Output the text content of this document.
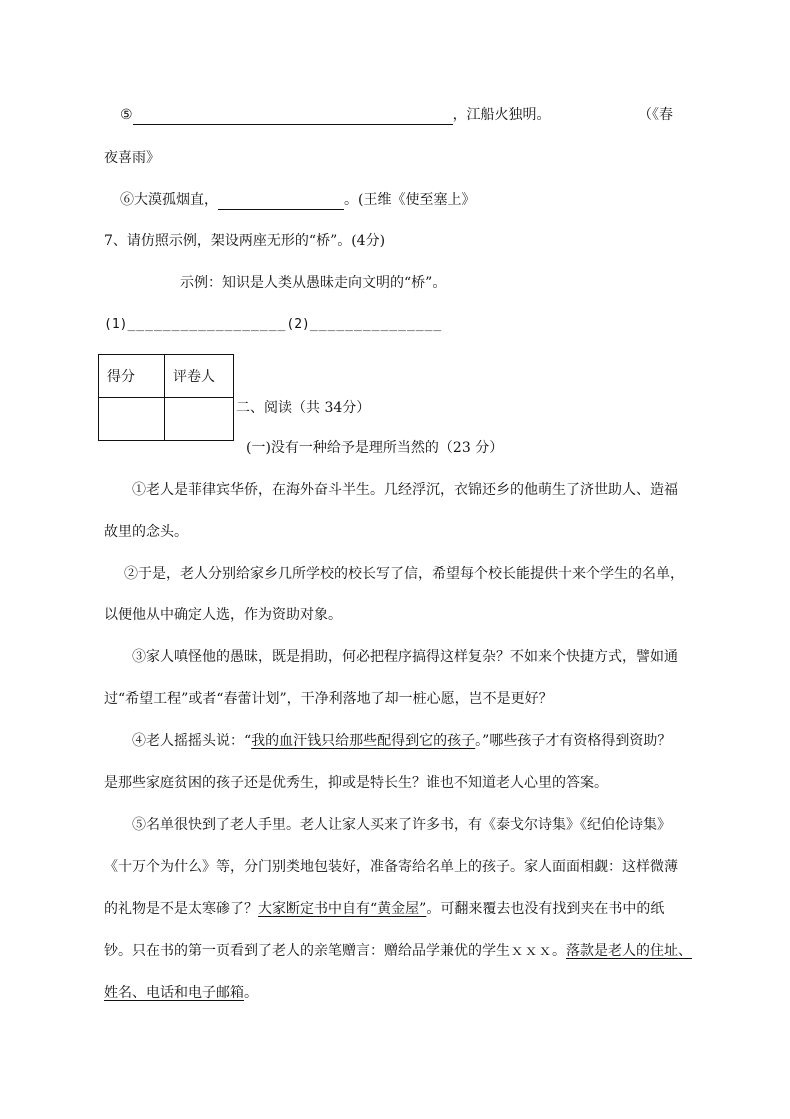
⑤	，江船火独明。	（《春
夜喜雨》
⑥大漠孤烟直，	。(王维《使至塞上》
7、请仿照示例，架设两座无形的“桥”。(4分)
示例：知识是人类从愚昧走向文明的“桥”。
(1)__________________(2)_______________
得分	评卷人

二、阅读（共 34分）
(一)没有一种给予是理所当然的（23 分）
①老人是菲律宾华侨，在海外奋斗半生。几经浮沉，衣锦还乡的他萌生了济世助人、造福
故里的念头。
②于是，老人分别给家乡几所学校的校长写了信，希望每个校长能提供十来个学生的名单，
以便他从中确定人选，作为资助对象。
③家人嗔怪他的愚昧，既是捐助，何必把程序搞得这样复杂？不如来个快捷方式，譬如通
过“希望工程”或者“春蕾计划”，干净利落地了却一桩心愿，岂不是更好？
④老人摇摇头说：“我的血汗钱只给那些配得到它的孩子。”哪些孩子才有资格得到资助？
是那些家庭贫困的孩子还是优秀生，抑或是特长生？谁也不知道老人心里的答案。
⑤名单很快到了老人手里。老人让家人买来了许多书，有《泰戈尔诗集》《纪伯伦诗集》
《十万个为什么》等，分门别类地包装好，准备寄给名单上的孩子。家人面面相觑：这样微薄
的礼物是不是太寒碜了？大家断定书中自有“黄金屋”。可翻来覆去也没有找到夹在书中的纸
钞。只在书的第一页看到了老人的亲笔赠言：赠给品学兼优的学生ｘｘｘ。落款是老人的住址、
姓名、电话和电子邮箱。
